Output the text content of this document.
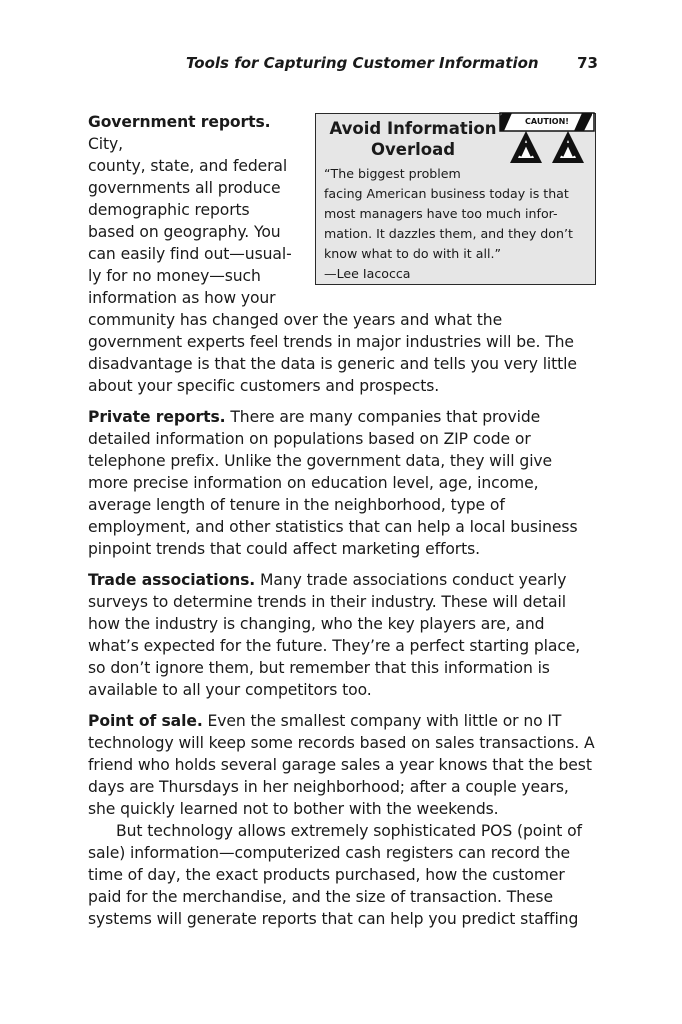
Tools for Capturing Customer Information	73
Avoid Information
Overload
CAUTION!
“The biggest problem
facing American business today is that
most managers have too much infor-
mation. It dazzles them, and they don’t
know what to do with it all.”
—Lee Iacocca

Government reports. City,
county, state, and federal
governments all produce
demographic reports
based on geography. You
can easily find out—usual-
ly for no money—such
information as how your
community has changed over the years and what the government experts feel trends in major industries will be. The disadvantage is that the data is generic and tells you very little about your specific customers and prospects.

Private reports. There are many companies that provide detailed information on populations based on ZIP code or telephone prefix. Unlike the government data, they will give more precise information on education level, age, income, average length of tenure in the neighborhood, type of employment, and other statistics that can help a local business pinpoint trends that could affect marketing efforts.

Trade associations. Many trade associations conduct yearly surveys to determine trends in their industry. These will detail how the industry is changing, who the key players are, and what’s expected for the future. They’re a perfect starting place, so don’t ignore them, but remember that this information is available to all your competitors too.

Point of sale. Even the smallest company with little or no IT technology will keep some records based on sales transactions. A friend who holds several garage sales a year knows that the best days are Thursdays in her neighborhood; after a couple years, she quickly learned not to bother with the weekends.

But technology allows extremely sophisticated POS (point of sale) information—computerized cash registers can record the time of day, the exact products purchased, how the customer paid for the merchandise, and the size of transaction. These systems will generate reports that can help you predict staffing
